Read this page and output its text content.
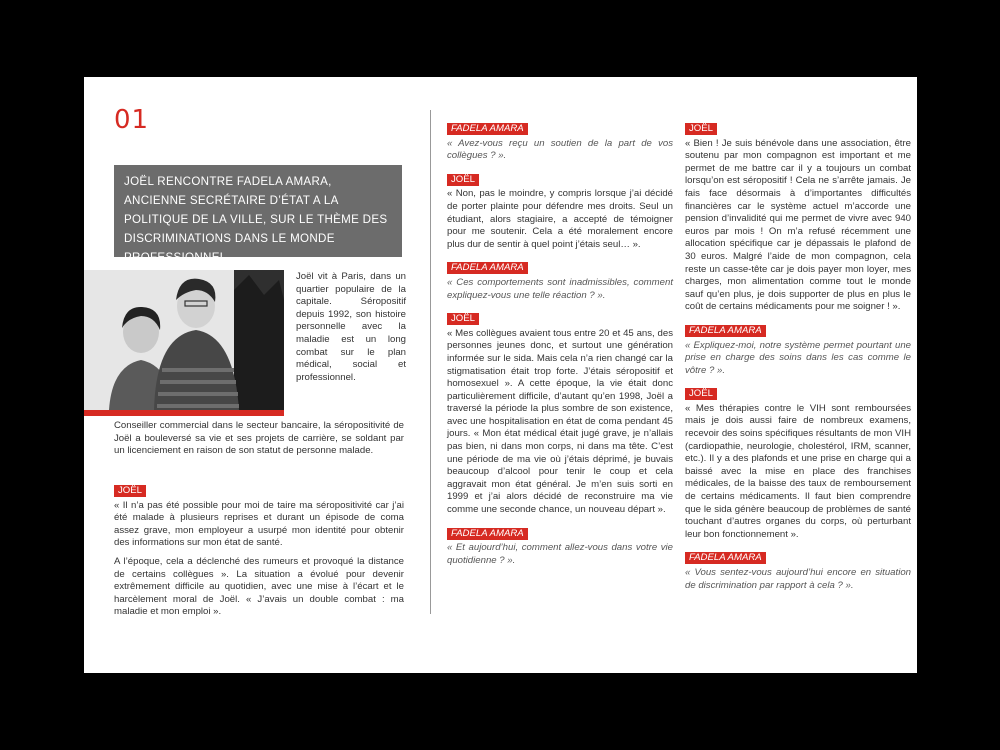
01
JOËL RENCONTRE FADELA AMARA, ANCIENNE SECRÉTAIRE D’ÉTAT A LA POLITIQUE DE LA VILLE, SUR LE THÈME DES DISCRIMINATIONS DANS LE MONDE PROFESSIONNEL

Joël vit à Paris, dans un quartier populaire de la capitale. Séropositif depuis 1992, son histoire personnelle avec la maladie est un long combat sur le plan médical, social et professionnel.

Conseiller commercial dans le secteur bancaire, la séropositivité de Joël a bouleversé sa vie et ses projets de carrière, se soldant par un licenciement en raison de son statut de personne malade.

JOËL

« Il n’a pas été possible pour moi de taire ma séropositivité car j’ai été malade à plusieurs reprises et durant un épisode de coma assez grave, mon employeur a usurpé mon identité pour obtenir des informations sur mon état de santé.

A l’époque, cela a déclenché des rumeurs et provoqué la distance de certains collègues ». La situation a évolué pour devenir extrêmement difficile au quotidien, avec une mise à l’écart et le harcèlement moral de Joël. « J’avais un double combat : ma maladie et mon emploi ».

FADELA AMARA

« Avez-vous reçu un soutien de la part de vos collègues ? ».

JOËL

« Non, pas le moindre, y compris lorsque j’ai décidé de porter plainte pour défendre mes droits. Seul un étudiant, alors stagiaire, a accepté de témoigner pour me soutenir. Cela a été moralement encore plus dur de sentir à quel point j’étais seul… ».

FADELA AMARA

« Ces comportements sont inadmissibles, comment expliquez-vous une telle réaction ? ».

JOËL

« Mes collègues avaient tous entre 20 et 45 ans, des personnes jeunes donc, et surtout une génération informée sur le sida. Mais cela n’a rien changé car la stigmatisation était trop forte. J’étais séropositif et homosexuel ». A cette époque, la vie était donc particulièrement difficile, d’autant qu’en 1998, Joël a traversé la période la plus sombre de son existence, avec une hospitalisation en état de coma pendant 45 jours. « Mon état médical était jugé grave, je n’allais pas bien, ni dans mon corps, ni dans ma tête. C’est une période de ma vie où j’étais déprimé, je buvais beaucoup d’alcool pour tenir le coup et cela aggravait mon état général. Je m’en suis sorti en 1999 et j’ai alors décidé de reconstruire ma vie comme une seconde chance, un nouveau départ ».

FADELA AMARA

« Et aujourd’hui, comment allez-vous dans votre vie quotidienne ? ».

JOËL

« Bien ! Je suis bénévole dans une association, être soutenu par mon compagnon est important et me permet de me battre car il y a toujours un combat lorsqu’on est séropositif ! Cela ne s’arrête jamais. Je fais face désormais à d’importantes difficultés financières car le système actuel m’accorde une pension d’invalidité qui me permet de vivre avec 940 euros par mois ! On m’a refusé récemment une allocation spécifique car je dépassais le plafond de 30 euros. Malgré l’aide de mon compagnon, cela reste un casse-tête car je dois payer mon loyer, mes charges, mon alimentation comme tout le monde sauf qu’en plus, je dois supporter de plus en plus le coût de certains médicaments pour me soigner ! ».

FADELA AMARA

« Expliquez-moi, notre système permet pourtant une prise en charge des soins dans les cas comme le vôtre ? ».

JOËL

« Mes thérapies contre le VIH sont remboursées mais je dois aussi faire de nombreux examens, recevoir des soins spécifiques résultants de mon VIH (cardiopathie, neurologie, cholestérol, IRM, scanner, etc.). Il y a des plafonds et une prise en charge qui a baissé avec la mise en place des franchises médicales, de la baisse des taux de remboursement de certains médicaments. Il faut bien comprendre que le sida génère beaucoup de problèmes de santé touchant d’autres organes du corps, où perturbant leur bon fonctionnement ».

FADELA AMARA

« Vous sentez-vous aujourd’hui encore en situation de discrimination par rapport à cela ? ».
